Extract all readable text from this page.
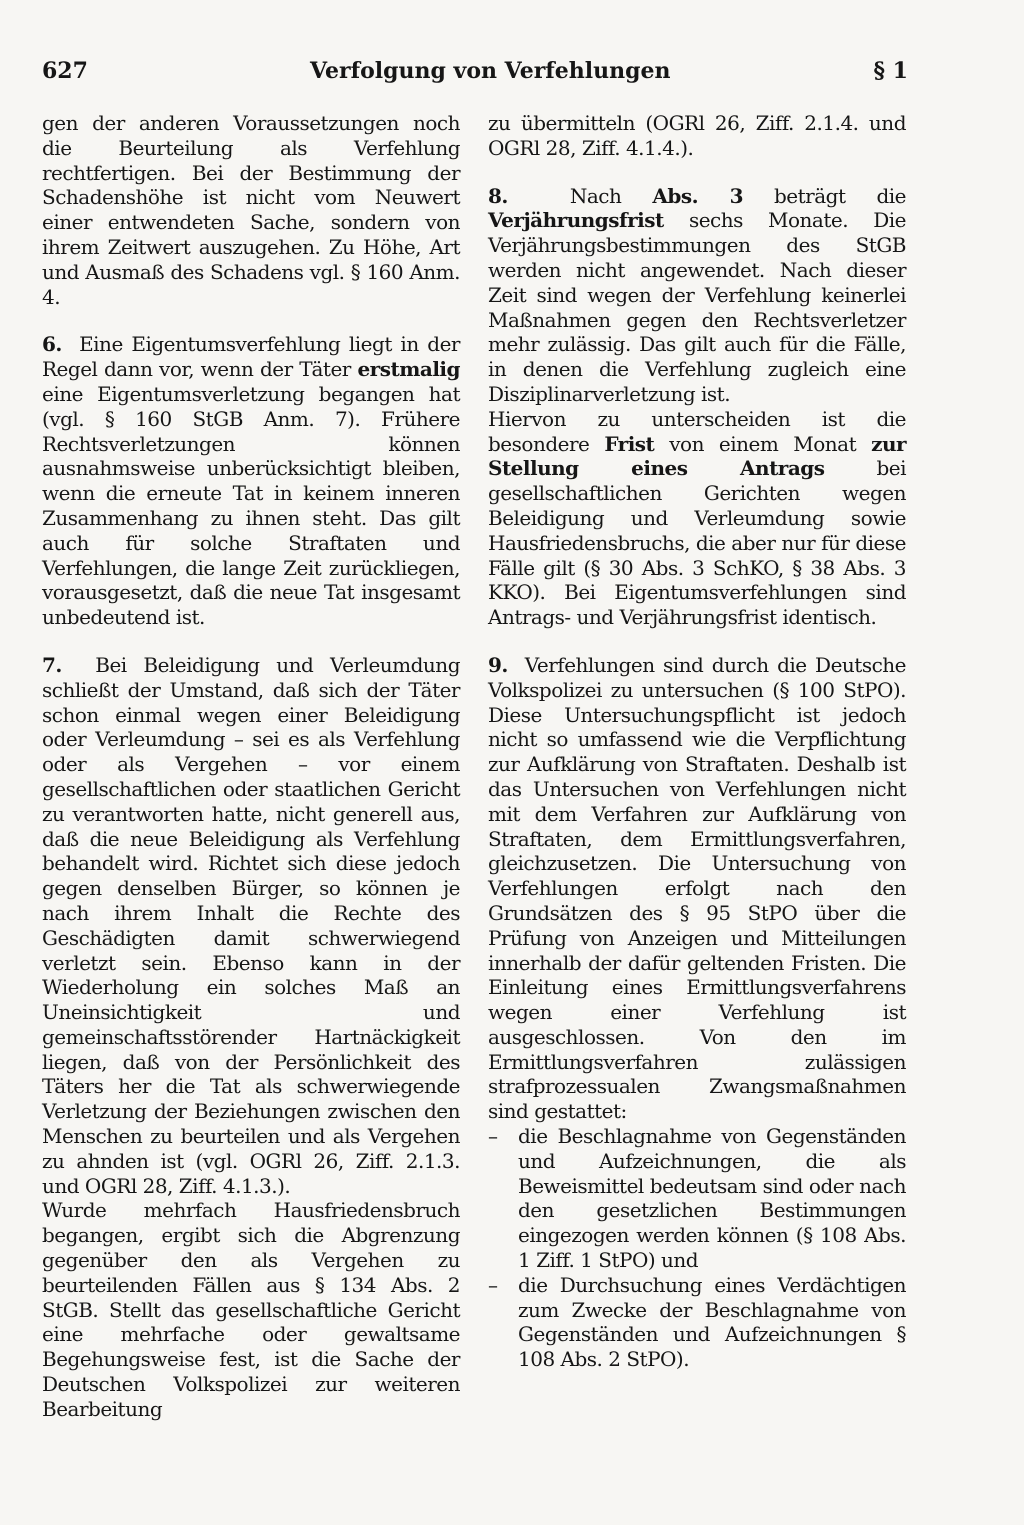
627	Verfolgung von Verfehlungen	§ 1

gen der anderen Voraussetzungen noch die Beurteilung als Verfehlung rechtfertigen. Bei der Bestimmung der Schadenshöhe ist nicht vom Neuwert einer entwendeten Sache, sondern von ihrem Zeitwert auszugehen. Zu Höhe, Art und Ausmaß des Schadens vgl. § 160 Anm. 4.

6. Eine Eigentumsverfehlung liegt in der Regel dann vor, wenn der Täter erstmalig eine Eigentumsverletzung begangen hat (vgl. § 160 StGB Anm. 7). Frühere Rechtsverletzungen können ausnahmsweise unberücksichtigt bleiben, wenn die erneute Tat in keinem inneren Zusammenhang zu ihnen steht. Das gilt auch für solche Straftaten und Verfehlungen, die lange Zeit zurückliegen, vorausgesetzt, daß die neue Tat insgesamt unbedeutend ist.

7. Bei Beleidigung und Verleumdung schließt der Umstand, daß sich der Täter schon einmal wegen einer Beleidigung oder Verleumdung – sei es als Verfehlung oder als Vergehen – vor einem gesellschaftlichen oder staatlichen Gericht zu verantworten hatte, nicht generell aus, daß die neue Beleidigung als Verfehlung behandelt wird. Richtet sich diese jedoch gegen denselben Bürger, so können je nach ihrem Inhalt die Rechte des Geschädigten damit schwerwiegend verletzt sein. Ebenso kann in der Wiederholung ein solches Maß an Uneinsichtigkeit und gemeinschaftsstörender Hartnäckigkeit liegen, daß von der Persönlichkeit des Täters her die Tat als schwerwiegende Verletzung der Beziehungen zwischen den Menschen zu beurteilen und als Vergehen zu ahnden ist (vgl. OGRl 26, Ziff. 2.1.3. und OGRl 28, Ziff. 4.1.3.).

Wurde mehrfach Hausfriedensbruch begangen, ergibt sich die Abgrenzung gegenüber den als Vergehen zu beurteilenden Fällen aus § 134 Abs. 2 StGB. Stellt das gesellschaftliche Gericht eine mehrfache oder gewaltsame Begehungsweise fest, ist die Sache der Deutschen Volkspolizei zur weiteren Bearbeitung

zu übermitteln (OGRl 26, Ziff. 2.1.4. und OGRl 28, Ziff. 4.1.4.).

8.	Nach Abs. 3 beträgt die Verjährungsfrist sechs Monate. Die Verjährungsbestimmungen des StGB werden nicht angewendet. Nach dieser Zeit sind wegen der Verfehlung keinerlei Maßnahmen gegen den Rechtsverletzer mehr zulässig. Das gilt auch für die Fälle, in denen die Verfehlung zugleich eine Disziplinarverletzung ist.

Hiervon zu unterscheiden ist die besondere Frist von einem Monat zur Stellung eines Antrags	bei gesellschaftlichen Gerichten wegen Beleidigung und Verleumdung sowie Hausfriedensbruchs, die aber nur für diese Fälle gilt (§ 30 Abs. 3 SchKO, § 38 Abs. 3 KKO). Bei Eigentumsverfehlungen sind Antrags- und Verjährungsfrist identisch.

9. Verfehlungen sind durch die Deutsche Volkspolizei zu untersuchen (§ 100 StPO). Diese Untersuchungspflicht ist jedoch nicht so umfassend wie die Verpflichtung zur Aufklärung von Straftaten. Deshalb ist das Untersuchen von Verfehlungen nicht mit dem Verfahren zur Aufklärung von Straftaten, dem Ermittlungsverfahren, gleichzusetzen. Die Untersuchung von Verfehlungen erfolgt nach den Grundsätzen des § 95 StPO über die Prüfung von Anzeigen und Mitteilungen innerhalb der dafür geltenden Fristen. Die Einleitung eines Ermittlungsverfahrens wegen einer Verfehlung ist ausgeschlossen. Von den im Ermittlungsverfahren zulässigen strafprozessualen Zwangsmaßnahmen sind gestattet:

–	die Beschlagnahme von Gegenständen und Aufzeichnungen, die als Beweismittel bedeutsam sind oder nach den gesetzlichen Bestimmungen eingezogen werden können (§ 108 Abs. 1 Ziff. 1 StPO) und
–	die Durchsuchung eines Verdächtigen zum Zwecke der Beschlagnahme von Gegenständen und Aufzeichnungen § 108 Abs. 2 StPO).
